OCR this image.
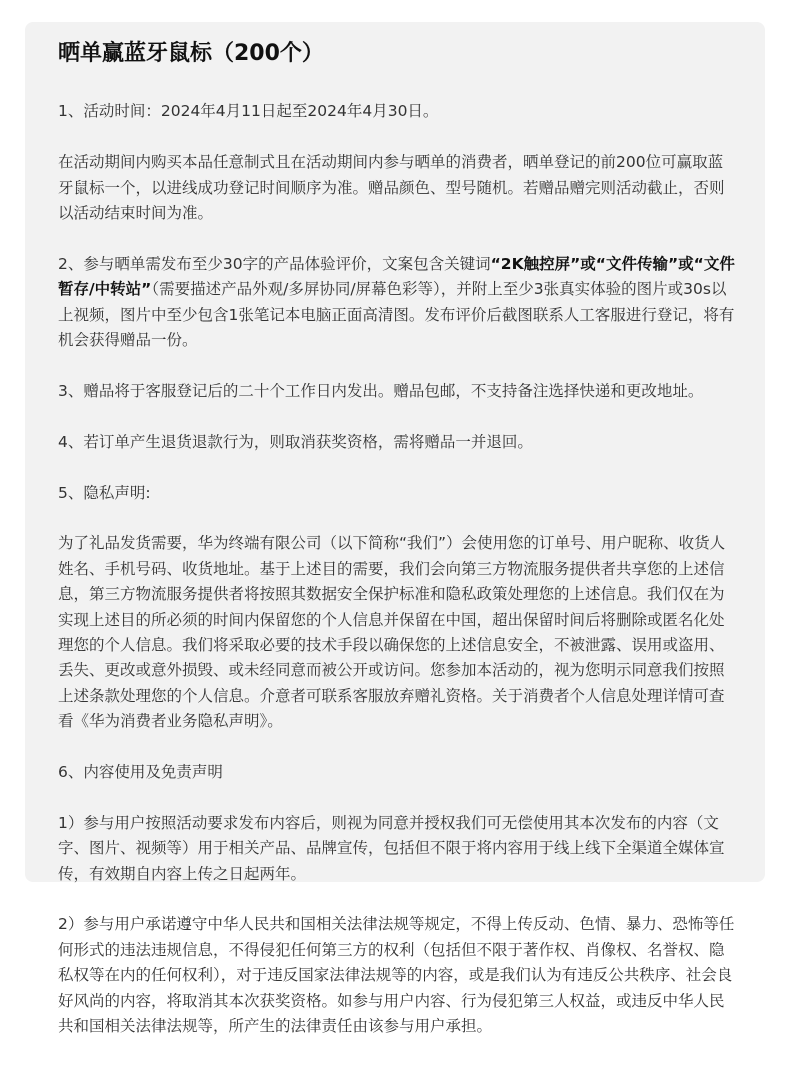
晒单赢蓝牙鼠标（200个）

1、活动时间：2024年4月11日起至2024年4月30日。

在活动期间内购买本品任意制式且在活动期间内参与晒单的消费者，晒单登记的前200位可赢取蓝牙鼠标一个，以进线成功登记时间顺序为准。赠品颜色、型号随机。若赠品赠完则活动截止，否则以活动结束时间为准。

2、参与晒单需发布至少30字的产品体验评价，文案包含关键词“2K触控屏”或“文件传输”或“文件暂存/中转站”（需要描述产品外观/多屏协同/屏幕色彩等），并附上至少3张真实体验的图片或30s以上视频，图片中至少包含1张笔记本电脑正面高清图。发布评价后截图联系人工客服进行登记，将有机会获得赠品一份。

3、赠品将于客服登记后的二十个工作日内发出。赠品包邮，不支持备注选择快递和更改地址。

4、若订单产生退货退款行为，则取消获奖资格，需将赠品一并退回。

5、隐私声明:

为了礼品发货需要，华为终端有限公司（以下简称“我们”）会使用您的订单号、用户昵称、收货人姓名、手机号码、收货地址。基于上述目的需要，我们会向第三方物流服务提供者共享您的上述信息，第三方物流服务提供者将按照其数据安全保护标准和隐私政策处理您的上述信息。我们仅在为实现上述目的所必须的时间内保留您的个人信息并保留在中国，超出保留时间后将删除或匿名化处理您的个人信息。我们将采取必要的技术手段以确保您的上述信息安全，不被泄露、误用或盗用、丢失、更改或意外损毁、或未经同意而被公开或访问。您参加本活动的，视为您明示同意我们按照上述条款处理您的个人信息。介意者可联系客服放弃赠礼资格。关于消费者个人信息处理详情可查看《华为消费者业务隐私声明》。

6、内容使用及免责声明

1）参与用户按照活动要求发布内容后，则视为同意并授权我们可无偿使用其本次发布的内容（文字、图片、视频等）用于相关产品、品牌宣传，包括但不限于将内容用于线上线下全渠道全媒体宣传，有效期自内容上传之日起两年。

2）参与用户承诺遵守中华人民共和国相关法律法规等规定，不得上传反动、色情、暴力、恐怖等任何形式的违法违规信息，不得侵犯任何第三方的权利（包括但不限于著作权、肖像权、名誉权、隐私权等在内的任何权利），对于违反国家法律法规等的内容，或是我们认为有违反公共秩序、社会良好风尚的内容，将取消其本次获奖资格。如参与用户内容、行为侵犯第三人权益，或违反中华人民共和国相关法律法规等，所产生的法律责任由该参与用户承担。
